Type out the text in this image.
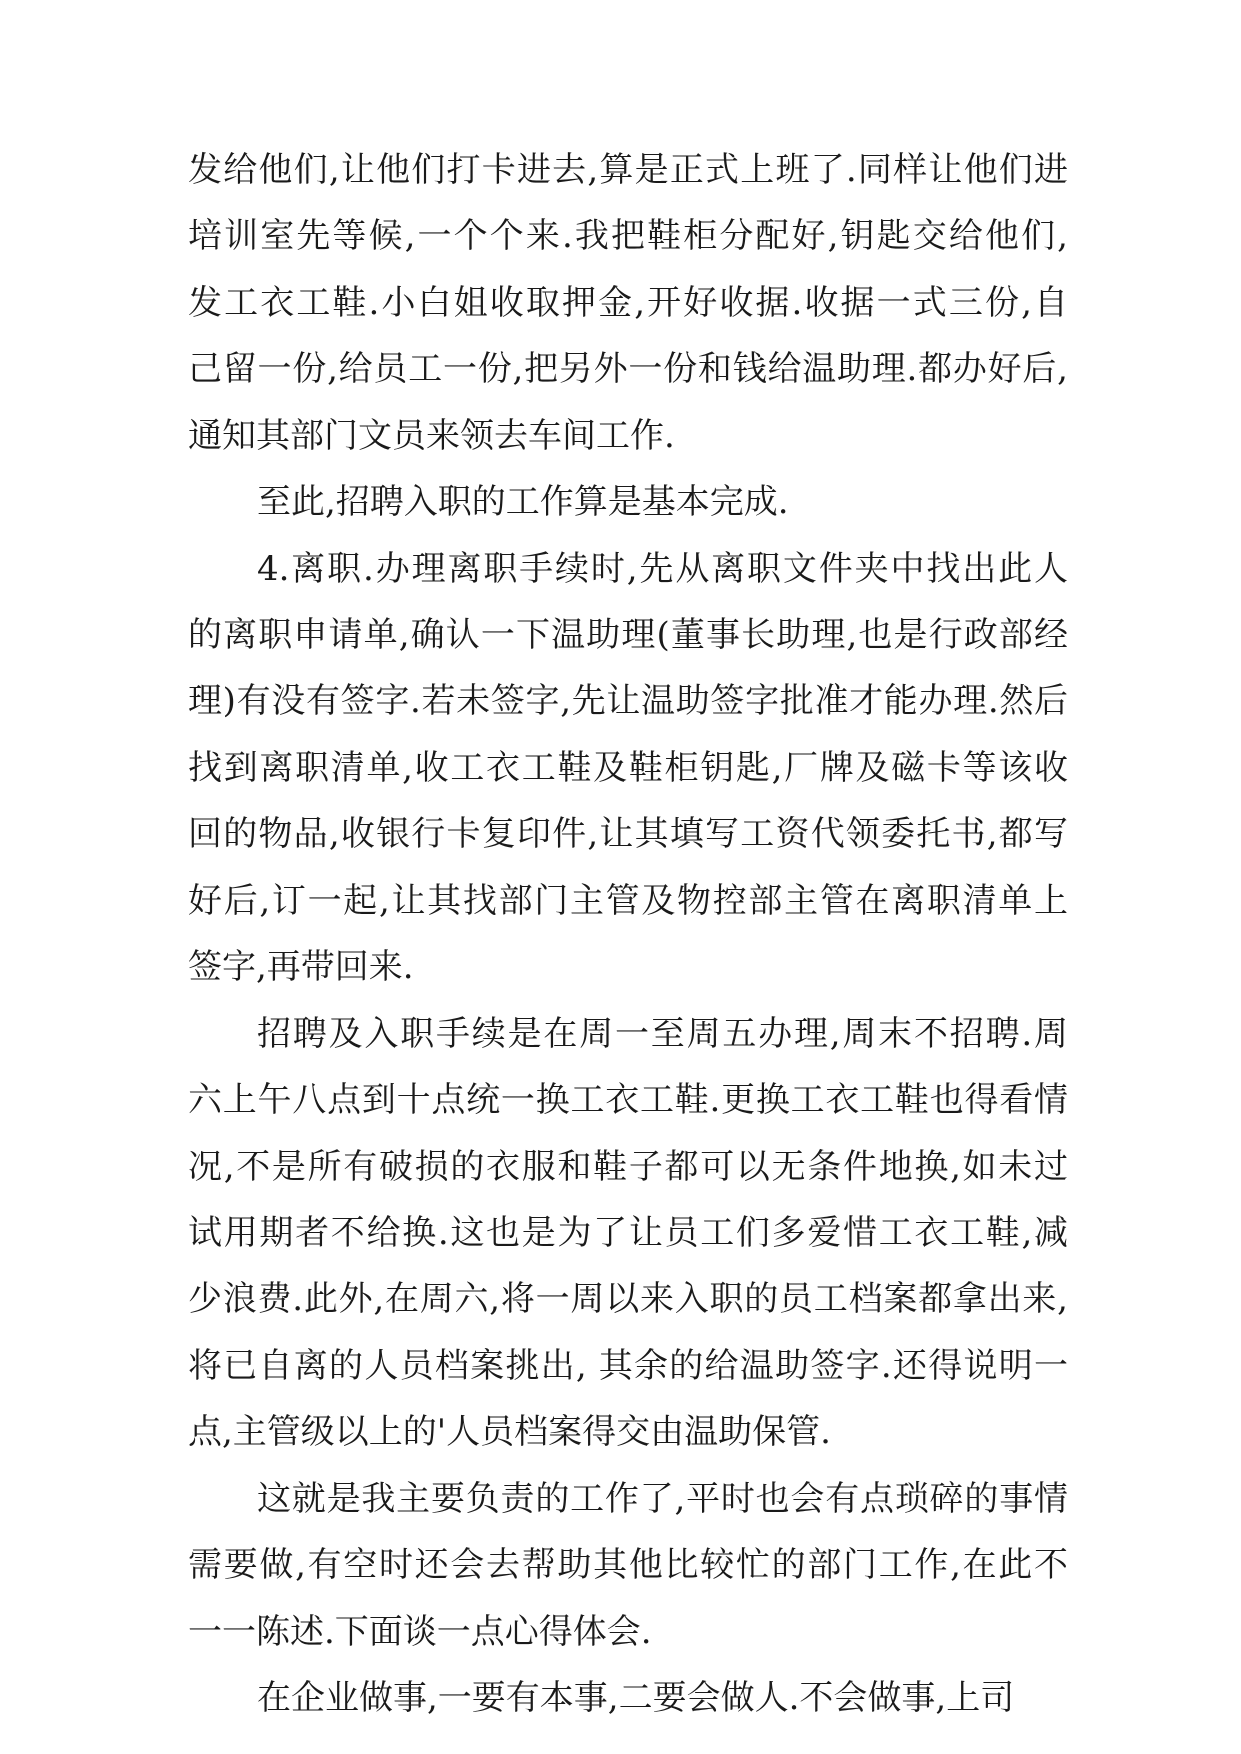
发给他们,让他们打卡进去,算是正式上班了.同样让他们进
培训室先等候,一个个来.我把鞋柜分配好,钥匙交给他们,
发工衣工鞋.小白姐收取押金,开好收据.收据一式三份,自
己留一份,给员工一份,把另外一份和钱给温助理.都办好后,
通知其部门文员来领去车间工作.
至此,招聘入职的工作算是基本完成.
4.离职.办理离职手续时,先从离职文件夹中找出此人
的离职申请单,确认一下温助理(董事长助理,也是行政部经
理)有没有签字.若未签字,先让温助签字批准才能办理.然后
找到离职清单,收工衣工鞋及鞋柜钥匙,厂牌及磁卡等该收
回的物品,收银行卡复印件,让其填写工资代领委托书,都写
好后,订一起,让其找部门主管及物控部主管在离职清单上
签字,再带回来.
招聘及入职手续是在周一至周五办理,周末不招聘.周
六上午八点到十点统一换工衣工鞋.更换工衣工鞋也得看情
况,不是所有破损的衣服和鞋子都可以无条件地换,如未过
试用期者不给换.这也是为了让员工们多爱惜工衣工鞋,减
少浪费.此外,在周六,将一周以来入职的员工档案都拿出来,
将已自离的人员档案挑出, 其余的给温助签字.还得说明一
点,主管级以上的'人员档案得交由温助保管.
这就是我主要负责的工作了,平时也会有点琐碎的事情
需要做,有空时还会去帮助其他比较忙的部门工作,在此不
一一陈述.下面谈一点心得体会.
在企业做事,一要有本事,二要会做人.不会做事,上司
